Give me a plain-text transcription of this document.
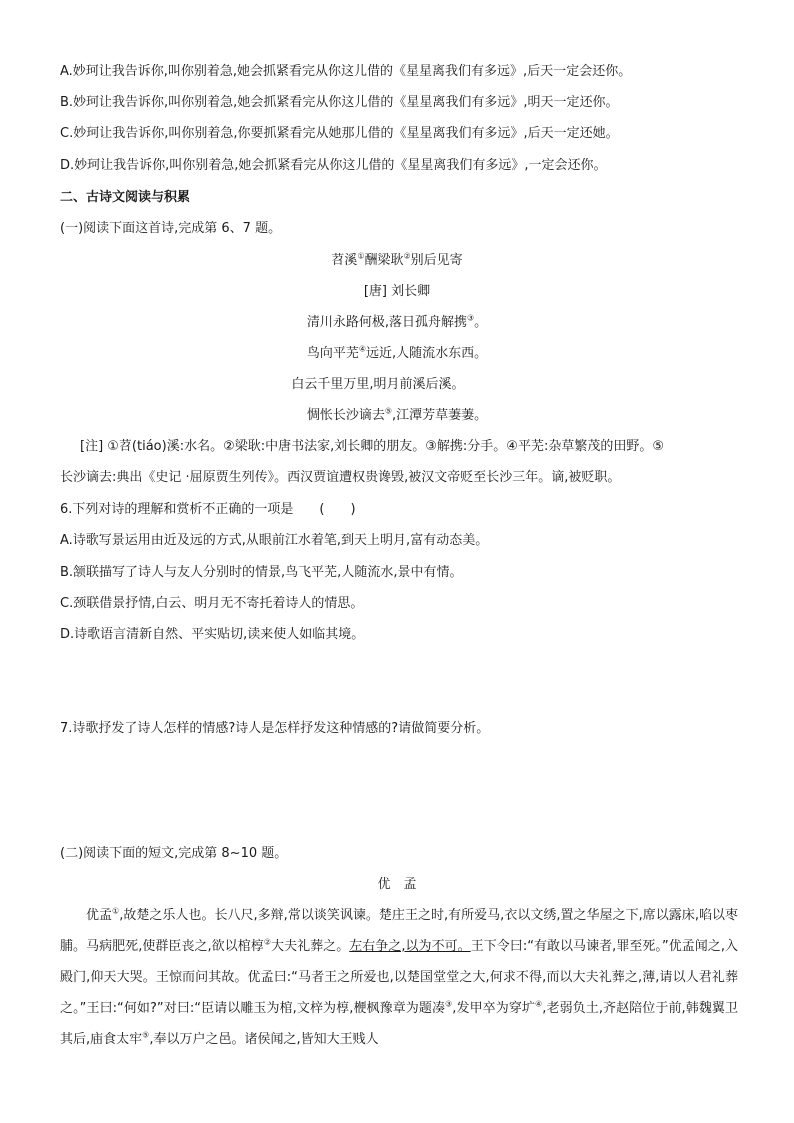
A.妙珂让我告诉你,叫你别着急,她会抓紧看完从你这儿借的《星星离我们有多远》,后天一定会还你。
B.妙珂让我告诉你,叫你别着急,她会抓紧看完从你这儿借的《星星离我们有多远》,明天一定还你。
C.妙珂让我告诉你,叫你别着急,你要抓紧看完从她那儿借的《星星离我们有多远》,后天一定还她。
D.妙珂让我告诉你,叫你别着急,她会抓紧看完从你这儿借的《星星离我们有多远》,一定会还你。
二、古诗文阅读与积累
(一)阅读下面这首诗,完成第 6、7 题。
苕溪①酬梁耿②别后见寄
[唐] 刘长卿
清川永路何极,落日孤舟解携③。
鸟向平芜④远近,人随流水东西。
白云千里万里,明月前溪后溪。
惆怅长沙谪去⑤,江潭芳草萋萋。
[注] ①苕(tiáo)溪:水名。②梁耿:中唐书法家,刘长卿的朋友。③解携:分手。④平芜:杂草繁茂的田野。⑤
长沙谪去:典出《史记 ·屈原贾生列传》。西汉贾谊遭权贵谗毁,被汉文帝贬至长沙三年。谪,被贬职。
6.下列对诗的理解和赏析不正确的一项是　　(　　)
A.诗歌写景运用由近及远的方式,从眼前江水着笔,到天上明月,富有动态美。
B.颔联描写了诗人与友人分别时的情景,鸟飞平芜,人随流水,景中有情。
C.颈联借景抒情,白云、明月无不寄托着诗人的情思。
D.诗歌语言清新自然、平实贴切,读来使人如临其境。
7.诗歌抒发了诗人怎样的情感?诗人是怎样抒发这种情感的?请做简要分析。
(二)阅读下面的短文,完成第 8~10 题。
优　孟

优孟①,故楚之乐人也。长八尺,多辩,常以谈笑讽谏。楚庄王之时,有所爱马,衣以文绣,置之华屋之下,席以露床,啗以枣脯。马病肥死,使群臣丧之,欲以棺椁②大夫礼葬之。左右争之,以为不可。王下令曰:“有敢以马谏者,罪至死。”优孟闻之,入殿门,仰天大哭。王惊而问其故。优孟曰:“马者王之所爱也,以楚国堂堂之大,何求不得,而以大夫礼葬之,薄,请以人君礼葬之。”王曰:“何如?”对曰:“臣请以雕玉为棺,文梓为椁,楩枫豫章为题凑③,发甲卒为穿圹④,老弱负土,齐赵陪位于前,韩魏翼卫其后,庙食太牢⑤,奉以万户之邑。诸侯闻之,皆知大王贱人
